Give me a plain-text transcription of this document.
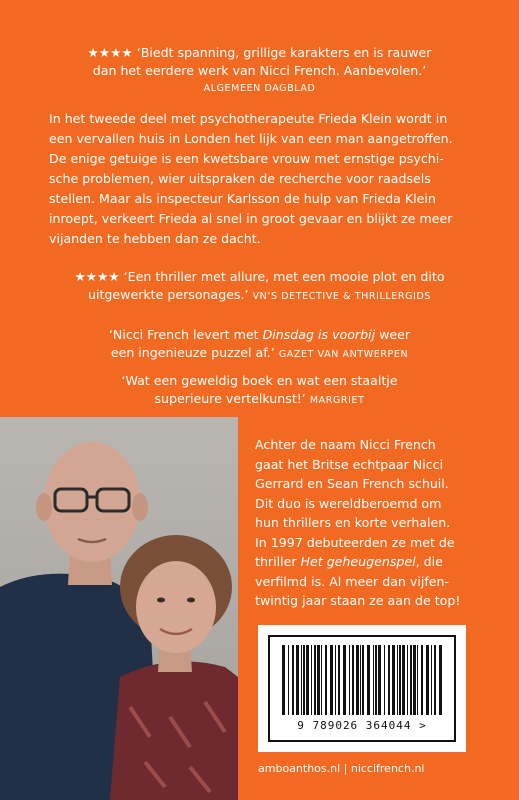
★★★★ ‘Biedt spanning, grillige karakters en is rauwer
dan het eerdere werk van Nicci French. Aanbevolen.’
ALGEMEEN DAGBLAD
In het tweede deel met psychotherapeute Frieda Klein wordt in
een vervallen huis in Londen het lijk van een man aangetroffen.
De enige getuige is een kwetsbare vrouw met ernstige psychi-
sche problemen, wier uitspraken de recherche voor raadsels
stellen. Maar als inspecteur Karlsson de hulp van Frieda Klein
inroept, verkeert Frieda al snel in groot gevaar en blijkt ze meer
vijanden te hebben dan ze dacht.
★★★★ ‘Een thriller met allure, met een mooie plot en dito
uitgewerkte personages.’ VN’S DETECTIVE & THRILLERGIDS
‘Nicci French levert met Dinsdag is voorbij weer
een ingenieuze puzzel af.’ GAZET VAN ANTWERPEN
‘Wat een geweldig boek en wat een staaltje
superieure vertelkunst!’ MARGRIET
Achter de naam Nicci French
gaat het Britse echtpaar Nicci
Gerrard en Sean French schuil.
Dit duo is wereldberoemd om
hun thrillers en korte verhalen.
In 1997 debuteerden ze met de
thriller Het geheugenspel, die
verfilmd is. Al meer dan vijfen-
twintig jaar staan ze aan de top!
9 789026 364044 >
amboanthos.nl | niccifrench.nl
